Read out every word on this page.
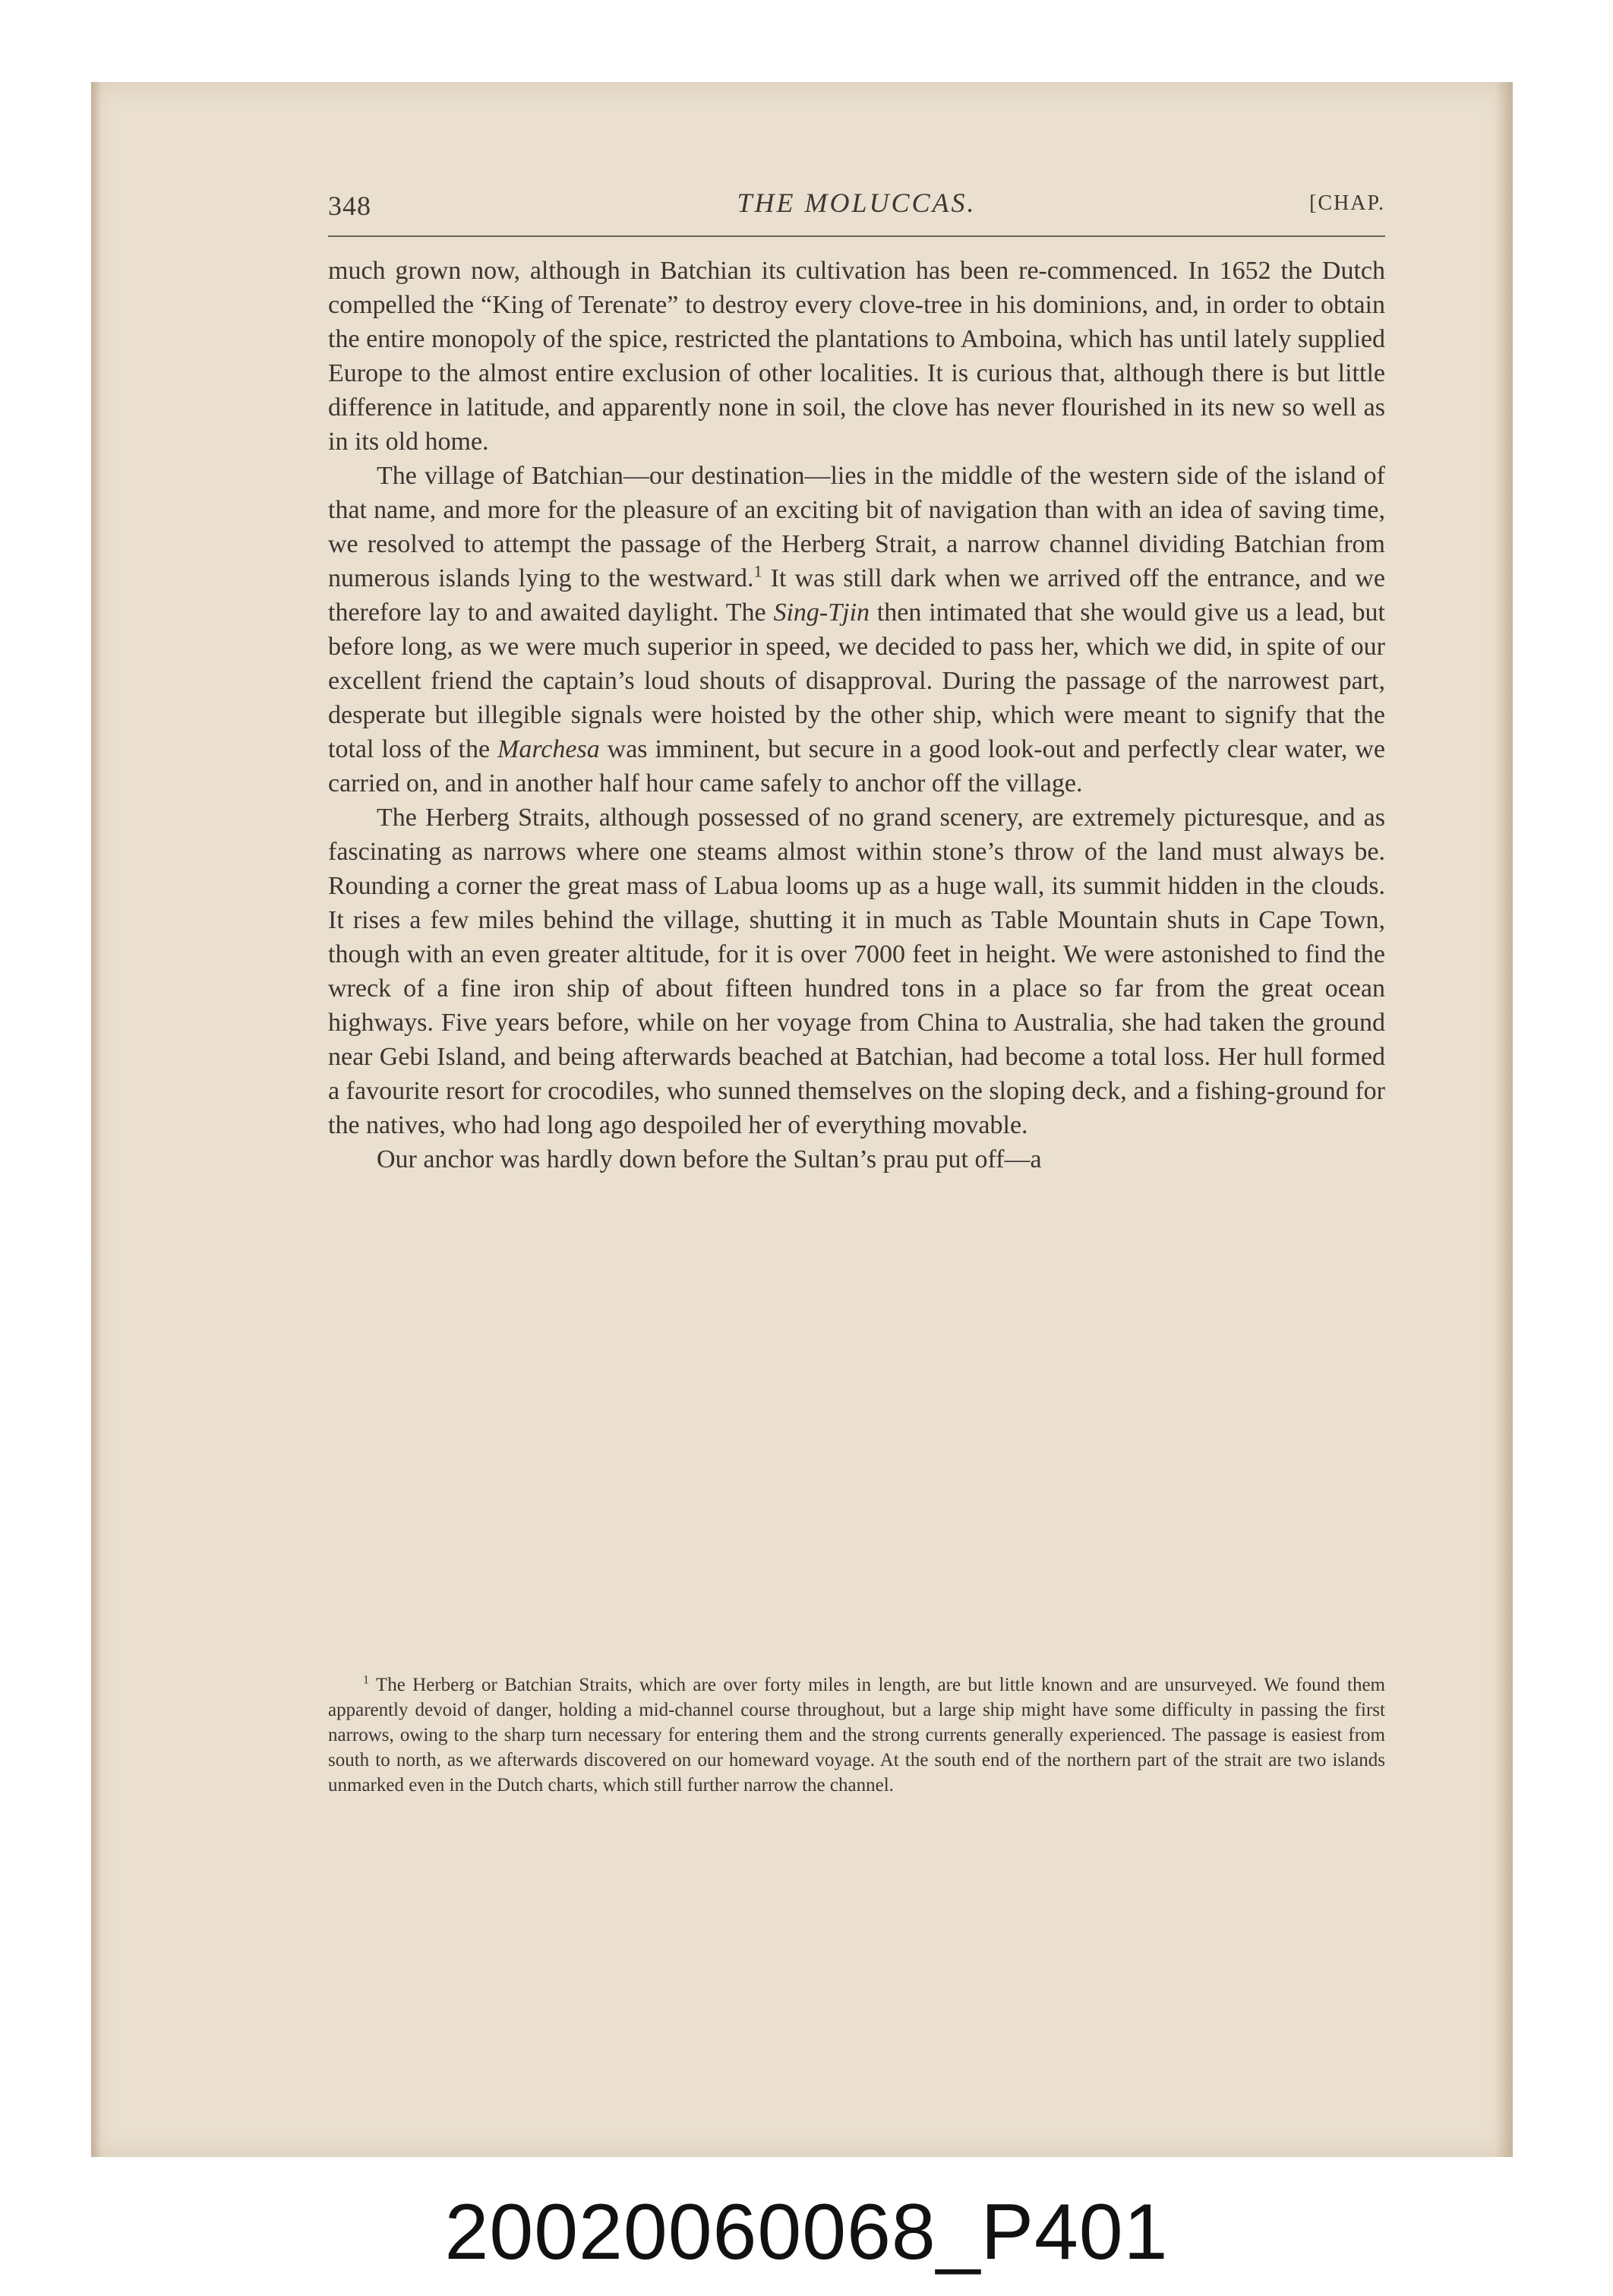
348	THE MOLUCCAS.	[CHAP.

much grown now, although in Batchian its cultivation has been re-commenced. In 1652 the Dutch compelled the “King of Terenate” to destroy every clove-tree in his dominions, and, in order to obtain the entire monopoly of the spice, restricted the plantations to Amboina, which has until lately supplied Europe to the almost entire exclusion of other localities. It is curious that, although there is but little difference in latitude, and apparently none in soil, the clove has never flourished in its new so well as in its old home.

The village of Batchian—our destination—lies in the middle of the western side of the island of that name, and more for the pleasure of an exciting bit of navigation than with an idea of saving time, we resolved to attempt the passage of the Herberg Strait, a narrow channel dividing Batchian from numerous islands lying to the westward.$^1$ It was still dark when we arrived off the entrance, and we therefore lay to and awaited daylight. The Sing-Tjin then intimated that she would give us a lead, but before long, as we were much superior in speed, we decided to pass her, which we did, in spite of our excellent friend the captain’s loud shouts of disapproval. During the passage of the narrowest part, desperate but illegible signals were hoisted by the other ship, which were meant to signify that the total loss of the Marchesa was imminent, but secure in a good look-out and perfectly clear water, we carried on, and in another half hour came safely to anchor off the village.

The Herberg Straits, although possessed of no grand scenery, are extremely picturesque, and as fascinating as narrows where one steams almost within stone’s throw of the land must always be. Rounding a corner the great mass of Labua looms up as a huge wall, its summit hidden in the clouds. It rises a few miles behind the village, shutting it in much as Table Mountain shuts in Cape Town, though with an even greater altitude, for it is over 7000 feet in height. We were astonished to find the wreck of a fine iron ship of about fifteen hundred tons in a place so far from the great ocean highways. Five years before, while on her voyage from China to Australia, she had taken the ground near Gebi Island, and being afterwards beached at Batchian, had become a total loss. Her hull formed a favourite resort for crocodiles, who sunned themselves on the sloping deck, and a fishing-ground for the natives, who had long ago despoiled her of everything movable.

Our anchor was hardly down before the Sultan’s prau put off—a

$^1$ The Herberg or Batchian Straits, which are over forty miles in length, are but little known and are unsurveyed. We found them apparently devoid of danger, holding a mid-channel course throughout, but a large ship might have some difficulty in passing the first narrows, owing to the sharp turn necessary for entering them and the strong currents generally experienced. The passage is easiest from south to north, as we afterwards discovered on our homeward voyage. At the south end of the northern part of the strait are two islands unmarked even in the Dutch charts, which still further narrow the channel.

20020060068_P401
